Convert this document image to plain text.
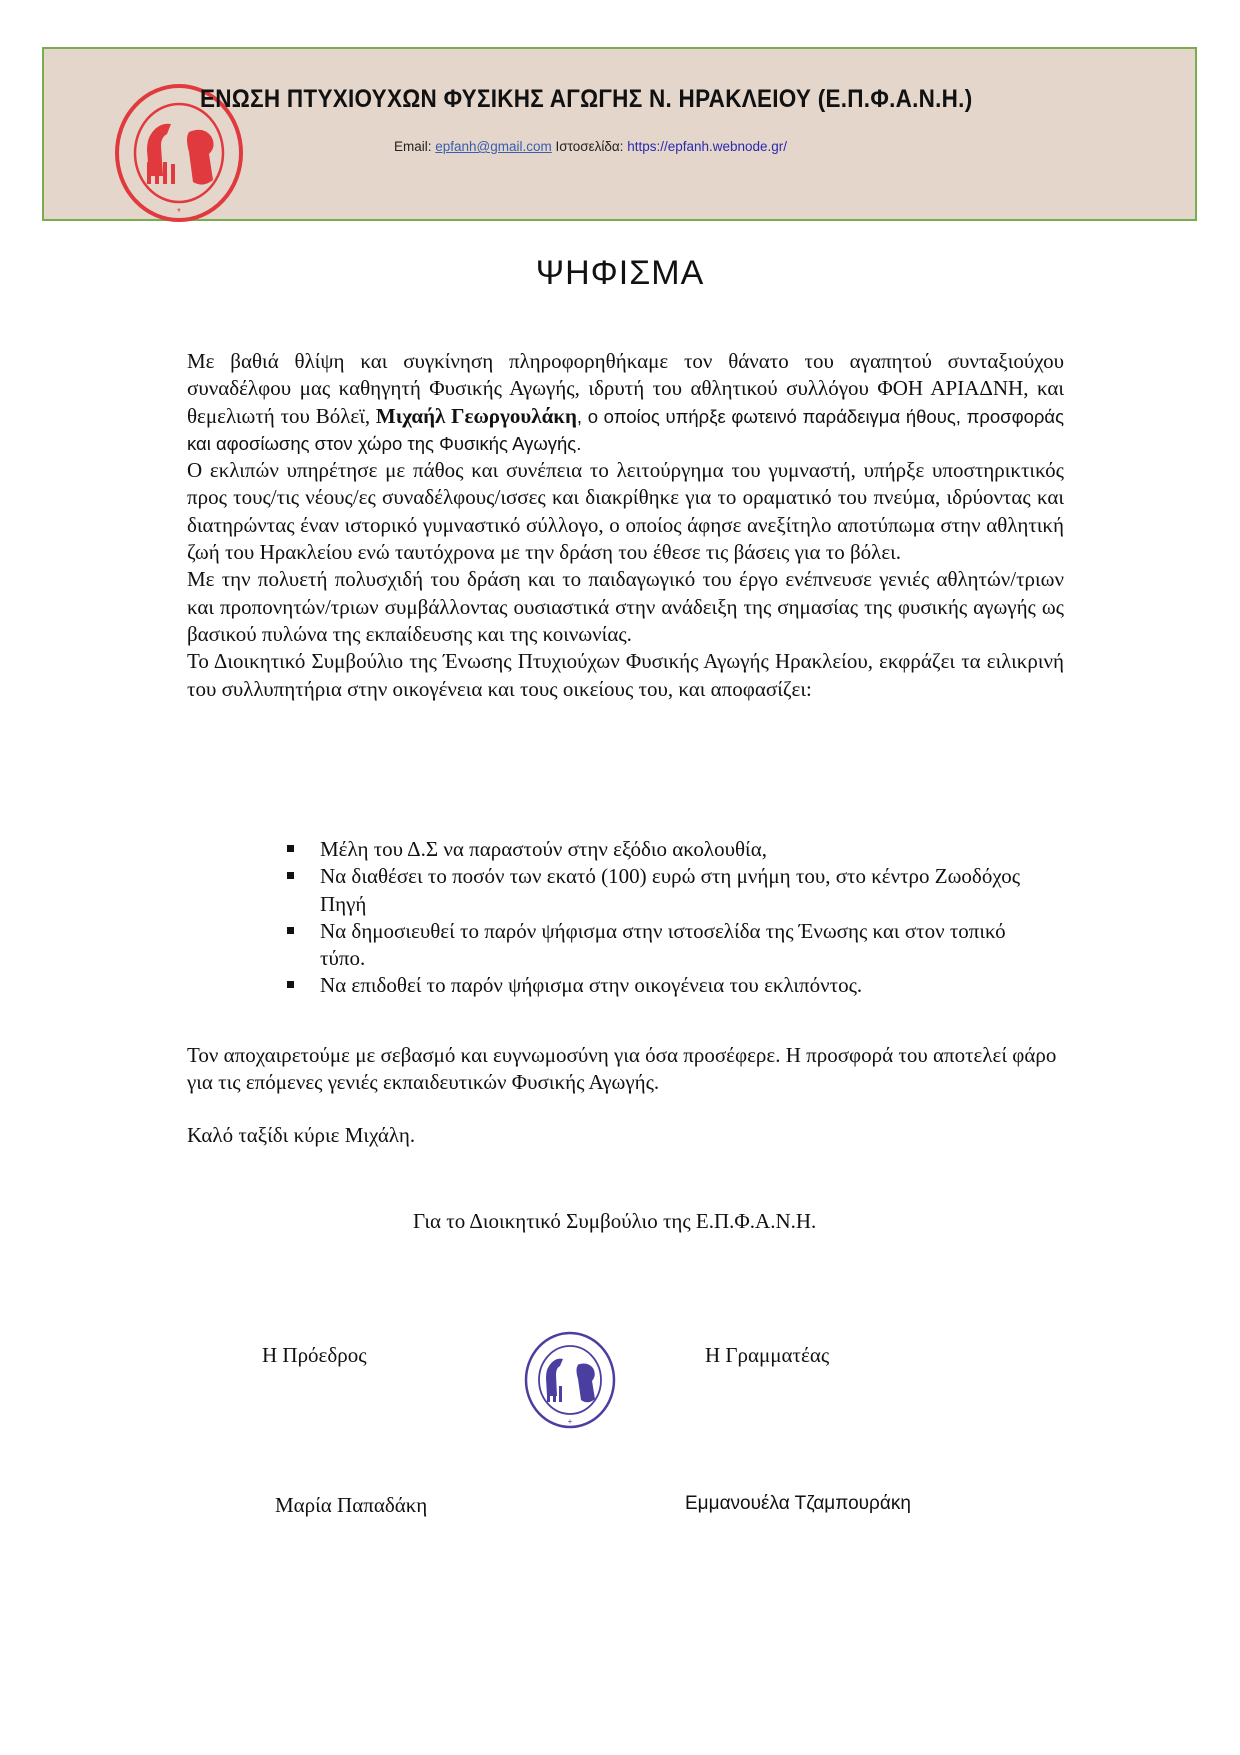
*
ΕΝΩΣΗ ΠΤΥΧΙΟΥΧΩΝ ΦΥΣΙΚΗΣ ΑΓΩΓΗΣ Ν. ΗΡΑΚΛΕΙΟΥ (Ε.Π.Φ.Α.Ν.Η.)
Email: epfanh@gmail.com Ιστοσελίδα: https://epfanh.webnode.gr/
ΨΗΦΙΣΜΑ

Με βαθιά θλίψη και συγκίνηση πληροφορηθήκαμε τον θάνατο του αγαπητού συνταξιούχου συναδέλφου μας καθηγητή Φυσικής Αγωγής, ιδρυτή του αθλητικού συλλόγου ΦΟΗ ΑΡΙΑΔΝΗ, και θεμελιωτή του Βόλεϊ, Μιχαήλ Γεωργουλάκη, ο οποίος υπήρξε φωτεινό παράδειγμα ήθους, προσφοράς και αφοσίωσης στον χώρο της Φυσικής Αγωγής.

Ο εκλιπών υπηρέτησε με πάθος και συνέπεια το λειτούργημα του γυμναστή, υπήρξε υποστηρικτικός προς τους/τις νέους/ες συναδέλφους/ισσες και διακρίθηκε για το οραματικό του πνεύμα, ιδρύοντας και διατηρώντας έναν ιστορικό γυμναστικό σύλλογο, ο οποίος άφησε ανεξίτηλο αποτύπωμα στην αθλητική ζωή του Ηρακλείου ενώ ταυτόχρονα με την δράση του έθεσε τις βάσεις για το βόλει.

Με την πολυετή πολυσχιδή του δράση και το παιδαγωγικό του έργο ενέπνευσε γενιές αθλητών/τριων και προπονητών/τριων συμβάλλοντας ουσιαστικά στην ανάδειξη της σημασίας της φυσικής αγωγής ως βασικού πυλώνα της εκπαίδευσης και της κοινωνίας.

Το Διοικητικό Συμβούλιο της Ένωσης Πτυχιούχων Φυσικής Αγωγής Ηρακλείου, εκφράζει τα ειλικρινή του συλλυπητήρια στην οικογένεια και τους οικείους του, και αποφασίζει:

Μέλη του Δ.Σ να παραστούν στην εξόδιο ακολουθία,
Να διαθέσει το ποσόν των εκατό (100) ευρώ στη μνήμη του, στο κέντρο Ζωοδόχος Πηγή
Να δημοσιευθεί το παρόν ψήφισμα στην ιστοσελίδα της Ένωσης και στον τοπικό τύπο.
Να επιδοθεί το παρόν ψήφισμα στην οικογένεια του εκλιπόντος.
Τον αποχαιρετούμε με σεβασμό και ευγνωμοσύνη για όσα προσέφερε. Η προσφορά του αποτελεί φάρο για τις επόμενες γενιές εκπαιδευτικών Φυσικής Αγωγής.
Καλό ταξίδι κύριε Μιχάλη.
Για το Διοικητικό Συμβούλιο της Ε.Π.Φ.Α.Ν.Η.
Η Πρόεδρος	Η Γραμματέας
+
Μαρία Παπαδάκη	Εμμανουέλα Τζαμπουράκη
